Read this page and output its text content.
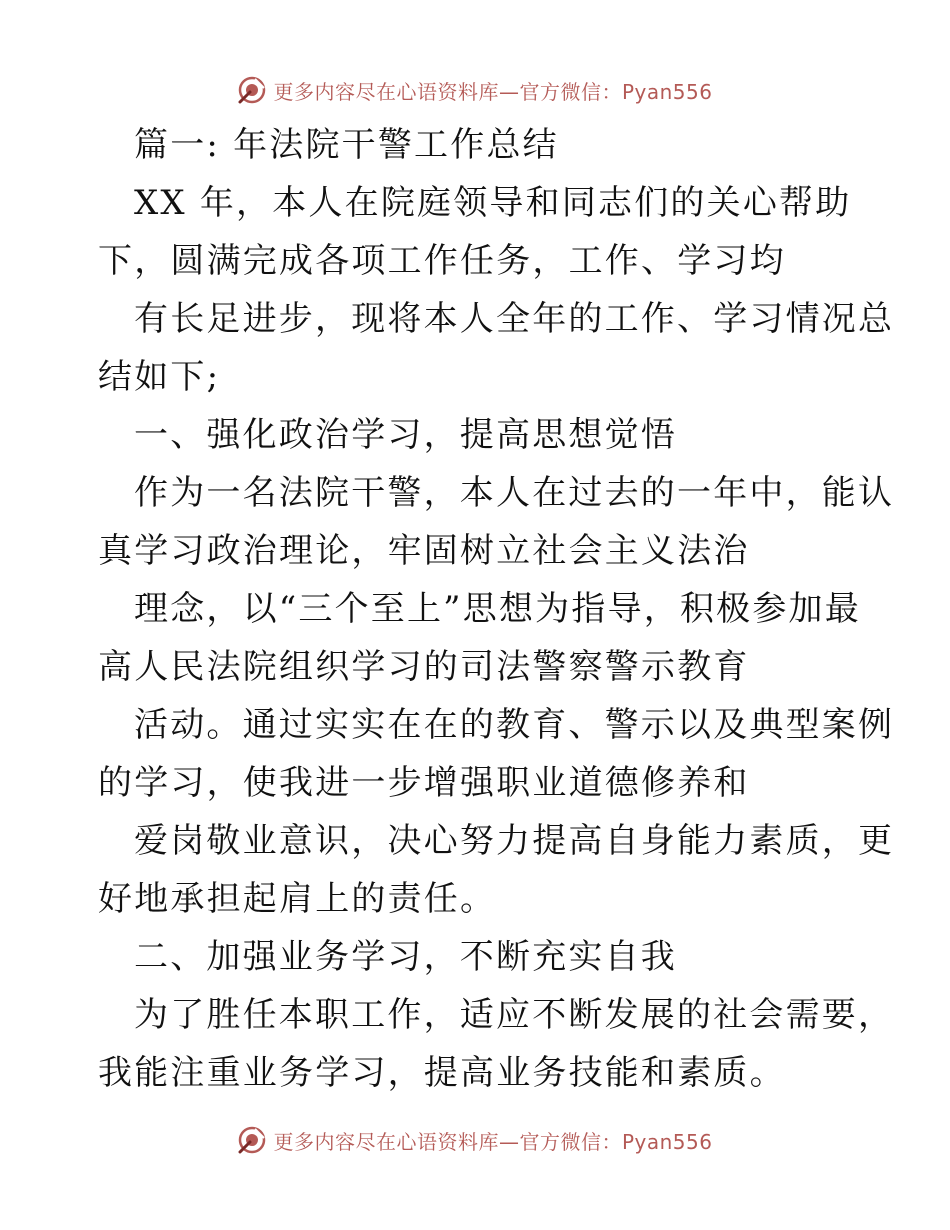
更多内容尽在心语资料库—官方微信：Pyan556
篇一: 年法院干警工作总结
XX 年，本人在院庭领导和同志们的关心帮助
下，圆满完成各项工作任务，工作、学习均
有长足进步，现将本人全年的工作、学习情况总
结如下;
一、强化政治学习，提高思想觉悟
作为一名法院干警，本人在过去的一年中，能认
真学习政治理论，牢固树立社会主义法治
理念，以“三个至上”思想为指导，积极参加最
高人民法院组织学习的司法警察警示教育
活动。通过实实在在的教育、警示以及典型案例
的学习，使我进一步增强职业道德修养和
爱岗敬业意识，决心努力提高自身能力素质，更
好地承担起肩上的责任。
二、加强业务学习，不断充实自我
为了胜任本职工作，适应不断发展的社会需要，
我能注重业务学习，提高业务技能和素质。
更多内容尽在心语资料库—官方微信：Pyan556
